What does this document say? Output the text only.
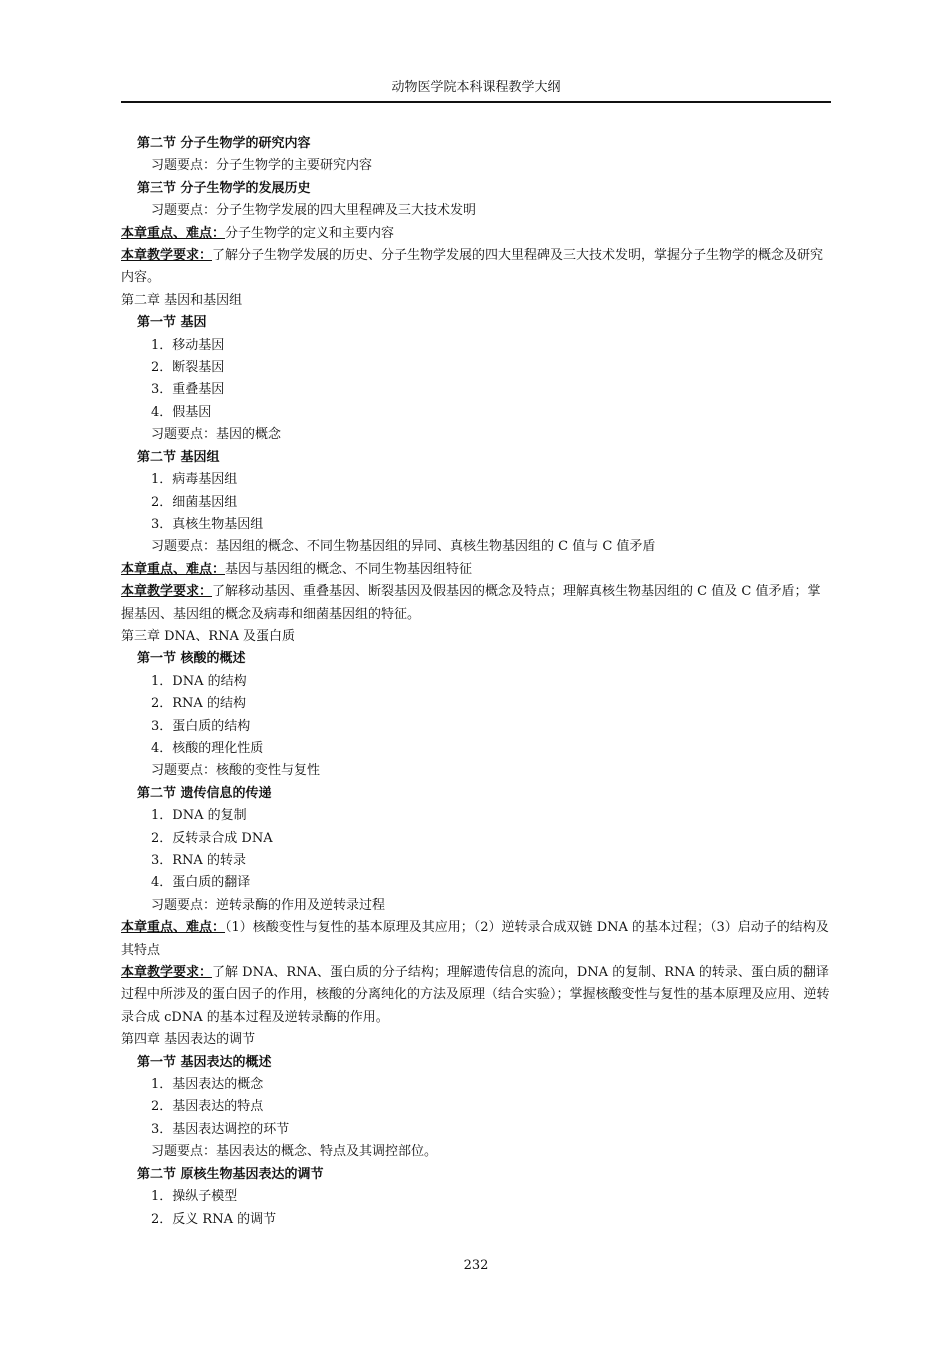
动物医学院本科课程教学大纲

第二节 分子生物学的研究内容

习题要点：分子生物学的主要研究内容

第三节 分子生物学的发展历史

习题要点：分子生物学发展的四大里程碑及三大技术发明

本章重点、难点：分子生物学的定义和主要内容

本章教学要求：了解分子生物学发展的历史、分子生物学发展的四大里程碑及三大技术发明，掌握分子生物学的概念及研究内容。

第二章 基因和基因组

第一节 基因

1．移动基因

2．断裂基因

3．重叠基因

4．假基因

习题要点：基因的概念

第二节 基因组

1．病毒基因组

2．细菌基因组

3．真核生物基因组

习题要点：基因组的概念、不同生物基因组的异同、真核生物基因组的 C 值与 C 值矛盾

本章重点、难点：基因与基因组的概念、不同生物基因组特征

本章教学要求：了解移动基因、重叠基因、断裂基因及假基因的概念及特点；理解真核生物基因组的 C 值及 C 值矛盾；掌握基因、基因组的概念及病毒和细菌基因组的特征。

第三章 DNA、RNA 及蛋白质

第一节 核酸的概述

1．DNA 的结构

2．RNA 的结构

3．蛋白质的结构

4．核酸的理化性质

习题要点：核酸的变性与复性

第二节 遗传信息的传递

1．DNA 的复制

2．反转录合成 DNA

3．RNA 的转录

4．蛋白质的翻译

习题要点：逆转录酶的作用及逆转录过程

本章重点、难点：（1）核酸变性与复性的基本原理及其应用；（2）逆转录合成双链 DNA 的基本过程；（3）启动子的结构及其特点

本章教学要求：了解 DNA、RNA、蛋白质的分子结构；理解遗传信息的流向，DNA 的复制、RNA 的转录、蛋白质的翻译过程中所涉及的蛋白因子的作用，核酸的分离纯化的方法及原理（结合实验）；掌握核酸变性与复性的基本原理及应用、逆转录合成 cDNA 的基本过程及逆转录酶的作用。

第四章 基因表达的调节

第一节 基因表达的概述

1．基因表达的概念

2．基因表达的特点

3．基因表达调控的环节

习题要点：基因表达的概念、特点及其调控部位。

第二节 原核生物基因表达的调节

1．操纵子模型

2．反义 RNA 的调节

232
